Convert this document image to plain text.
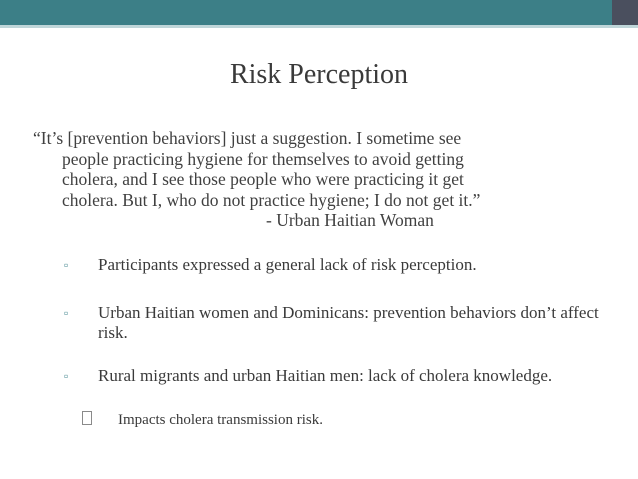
Risk Perception

“It’s [prevention behaviors] just a suggestion. I sometime see
people practicing hygiene for themselves to avoid getting
cholera, and I see those people who were practicing it get
cholera. But I, who do not practice hygiene; I do not get it.”

- Urban Haitian Woman

▫ Participants expressed a general lack of risk perception.
▫ Urban Haitian women and Dominicans: prevention behaviors don’t affect risk.
▫ Rural migrants and urban Haitian men: lack of cholera knowledge.
Impacts cholera transmission risk.
